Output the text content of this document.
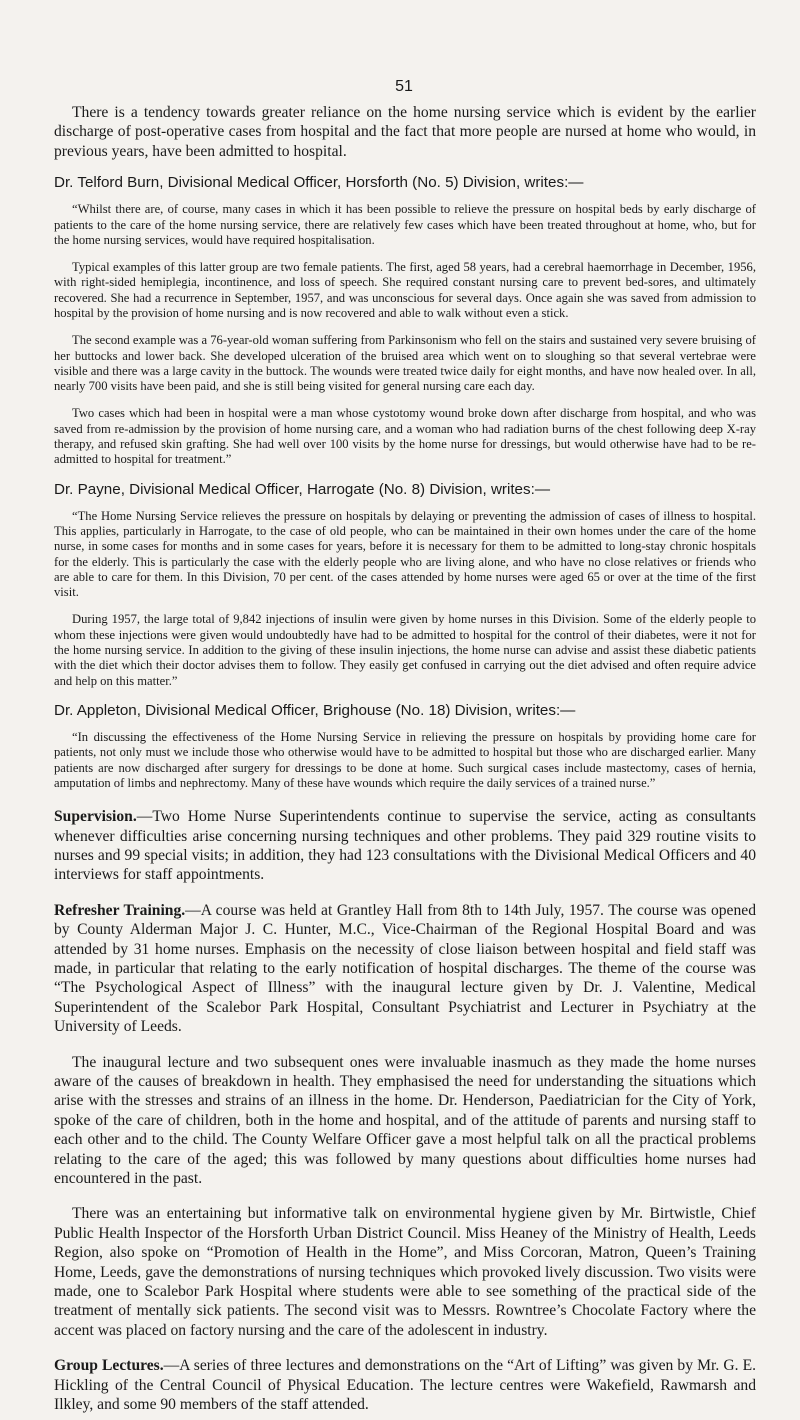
51

There is a tendency towards greater reliance on the home nursing service which is evident by the earlier discharge of post-operative cases from hospital and the fact that more people are nursed at home who would, in previous years, have been admitted to hospital.

Dr. Telford Burn, Divisional Medical Officer, Horsforth (No. 5) Division, writes:—

“Whilst there are, of course, many cases in which it has been possible to relieve the pressure on hospital beds by early discharge of patients to the care of the home nursing service, there are relatively few cases which have been treated throughout at home, who, but for the home nursing services, would have required hospitalisation.

Typical examples of this latter group are two female patients. The first, aged 58 years, had a cerebral haemorrhage in December, 1956, with right-sided hemiplegia, incontinence, and loss of speech. She required constant nursing care to prevent bed-sores, and ultimately recovered. She had a recurrence in September, 1957, and was unconscious for several days. Once again she was saved from admission to hospital by the provision of home nursing and is now recovered and able to walk without even a stick.

The second example was a 76-year-old woman suffering from Parkinsonism who fell on the stairs and sustained very severe bruising of her buttocks and lower back. She developed ulceration of the bruised area which went on to sloughing so that several vertebrae were visible and there was a large cavity in the buttock. The wounds were treated twice daily for eight months, and have now healed over. In all, nearly 700 visits have been paid, and she is still being visited for general nursing care each day.

Two cases which had been in hospital were a man whose cystotomy wound broke down after discharge from hospital, and who was saved from re-admission by the provision of home nursing care, and a woman who had radiation burns of the chest following deep X-ray therapy, and refused skin grafting. She had well over 100 visits by the home nurse for dressings, but would otherwise have had to be re-admitted to hospital for treatment.”

Dr. Payne, Divisional Medical Officer, Harrogate (No. 8) Division, writes:—

“The Home Nursing Service relieves the pressure on hospitals by delaying or preventing the admission of cases of illness to hospital. This applies, particularly in Harrogate, to the case of old people, who can be maintained in their own homes under the care of the home nurse, in some cases for months and in some cases for years, before it is necessary for them to be admitted to long-stay chronic hospitals for the elderly. This is particularly the case with the elderly people who are living alone, and who have no close relatives or friends who are able to care for them. In this Division, 70 per cent. of the cases attended by home nurses were aged 65 or over at the time of the first visit.

During 1957, the large total of 9,842 injections of insulin were given by home nurses in this Division. Some of the elderly people to whom these injections were given would undoubtedly have had to be admitted to hospital for the control of their diabetes, were it not for the home nursing service. In addition to the giving of these insulin injections, the home nurse can advise and assist these diabetic patients with the diet which their doctor advises them to follow. They easily get confused in carrying out the diet advised and often require advice and help on this matter.”

Dr. Appleton, Divisional Medical Officer, Brighouse (No. 18) Division, writes:—

“In discussing the effectiveness of the Home Nursing Service in relieving the pressure on hospitals by providing home care for patients, not only must we include those who otherwise would have to be admitted to hospital but those who are discharged earlier. Many patients are now discharged after surgery for dressings to be done at home. Such surgical cases include mastectomy, cases of hernia, amputation of limbs and nephrectomy. Many of these have wounds which require the daily services of a trained nurse.”

Supervision.—Two Home Nurse Superintendents continue to supervise the service, acting as consultants whenever difficulties arise concerning nursing techniques and other problems. They paid 329 routine visits to nurses and 99 special visits; in addition, they had 123 consultations with the Divisional Medical Officers and 40 interviews for staff appointments.

Refresher Training.—A course was held at Grantley Hall from 8th to 14th July, 1957. The course was opened by County Alderman Major J. C. Hunter, M.C., Vice-Chairman of the Regional Hospital Board and was attended by 31 home nurses. Emphasis on the necessity of close liaison between hospital and field staff was made, in particular that relating to the early notification of hospital discharges. The theme of the course was “The Psychological Aspect of Illness” with the inaugural lecture given by Dr. J. Valentine, Medical Superintendent of the Scalebor Park Hospital, Consultant Psychiatrist and Lecturer in Psychiatry at the University of Leeds.

The inaugural lecture and two subsequent ones were invaluable inasmuch as they made the home nurses aware of the causes of breakdown in health. They emphasised the need for understanding the situations which arise with the stresses and strains of an illness in the home. Dr. Henderson, Paediatrician for the City of York, spoke of the care of children, both in the home and hospital, and of the attitude of parents and nursing staff to each other and to the child. The County Welfare Officer gave a most helpful talk on all the practical problems relating to the care of the aged; this was followed by many questions about difficulties home nurses had encountered in the past.

There was an entertaining but informative talk on environmental hygiene given by Mr. Birtwistle, Chief Public Health Inspector of the Horsforth Urban District Council. Miss Heaney of the Ministry of Health, Leeds Region, also spoke on “Promotion of Health in the Home”, and Miss Corcoran, Matron, Queen’s Training Home, Leeds, gave the demonstrations of nursing techniques which provoked lively discussion. Two visits were made, one to Scalebor Park Hospital where students were able to see something of the practical side of the treatment of mentally sick patients. The second visit was to Messrs. Rowntree’s Chocolate Factory where the accent was placed on factory nursing and the care of the adolescent in industry.

Group Lectures.—A series of three lectures and demonstrations on the “Art of Lifting” was given by Mr. G. E. Hickling of the Central Council of Physical Education. The lecture centres were Wakefield, Rawmarsh and Ilkley, and some 90 members of the staff attended.
